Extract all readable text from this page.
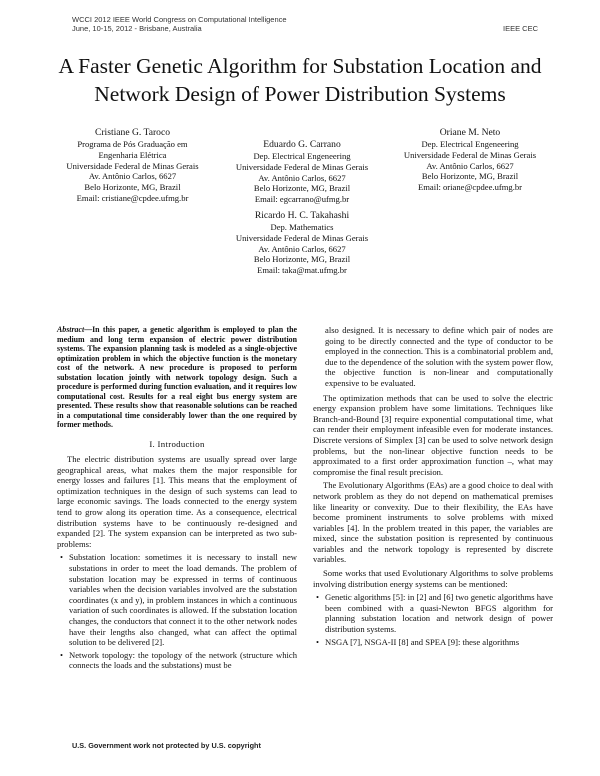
WCCI 2012 IEEE World Congress on Computational Intelligence
June, 10-15, 2012 - Brisbane, Australia	IEEE CEC
A Faster Genetic Algorithm for Substation Location and Network Design of Power Distribution Systems
Cristiane G. Taroco
Programa de Pós Graduação em
Engenharia Elétrica
Universidade Federal de Minas Gerais
Av. Antônio Carlos, 6627
Belo Horizonte, MG, Brazil
Email: cristiane@cpdee.ufmg.br
Eduardo G. Carrano
Dep. Electrical Engeneering
Universidade Federal de Minas Gerais
Av. Antônio Carlos, 6627
Belo Horizonte, MG, Brazil
Email: egcarrano@ufmg.br
Oriane M. Neto
Dep. Electrical Engeneering
Universidade Federal de Minas Gerais
Av. Antônio Carlos, 6627
Belo Horizonte, MG, Brazil
Email: oriane@cpdee.ufmg.br
Ricardo H. C. Takahashi
Dep. Mathematics
Universidade Federal de Minas Gerais
Av. Antônio Carlos, 6627
Belo Horizonte, MG, Brazil
Email: taka@mat.ufmg.br
Abstract—In this paper, a genetic algorithm is employed to plan the medium and long term expansion of electric power distribution systems. The expansion planning task is modeled as a single-objective optimization problem in which the objective function is the monetary cost of the network. A new procedure is proposed to perform substation location jointly with network topology design. Such a procedure is performed during function evaluation, and it requires low computational cost. Results for a real eight bus energy system are presented. These results show that reasonable solutions can be reached in a computational time considerably lower than the one required by former methods.
I. Introduction

The electric distribution systems are usually spread over large geographical areas, what makes them the major responsible for energy losses and failures [1]. This means that the employment of optimization techniques in the design of such systems can lead to large economic savings. The loads connected to the energy system tend to grow along its operation time. As a consequence, electrical distribution systems have to be continuously re-designed and expanded [2]. The system expansion can be interpreted as two sub-problems:

• Substation location: sometimes it is necessary to install new substations in order to meet the load demands. The problem of substation location may be expressed in terms of continuous variables when the decision variables involved are the substation coordinates (x and y), in problem instances in which a continuous variation of such coordinates is allowed. If the substation location changes, the conductors that connect it to the other network nodes have their lengths also changed, what can affect the optimal solution to be delivered [2].
• Network topology: the topology of the network (structure which connects the loads and the substations) must be

also designed. It is necessary to define which pair of nodes are going to be directly connected and the type of conductor to be employed in the connection. This is a combinatorial problem and, due to the dependence of the solution with the system power flow, the objective function is non-linear and computationally expensive to be evaluated.

The optimization methods that can be used to solve the electric energy expansion problem have some limitations. Techniques like Branch-and-Bound [3] require exponential computational time, what can render their employment infeasible even for moderate instances. Discrete versions of Simplex [3] can be used to solve network design problems, but the non-linear objective function needs to be approximated to a first order approximation function –, what may compromise the final result precision.

The Evolutionary Algorithms (EAs) are a good choice to deal with network problem as they do not depend on mathematical premises like linearity or convexity. Due to their flexibility, the EAs have become prominent instruments to solve problems with mixed variables [4]. In the problem treated in this paper, the variables are mixed, since the substation position is represented by continuous variables and the network topology is represented by discrete variables.

Some works that used Evolutionary Algorithms to solve problems involving distribution energy systems can be mentioned:

• Genetic algorithms [5]: in [2] and [6] two genetic algorithms have been combined with a quasi-Newton BFGS algorithm for planning substation location and network design of power distribution systems.
• NSGA [7], NSGA-II [8] and SPEA [9]: these algorithms
U.S. Government work not protected by U.S. copyright
